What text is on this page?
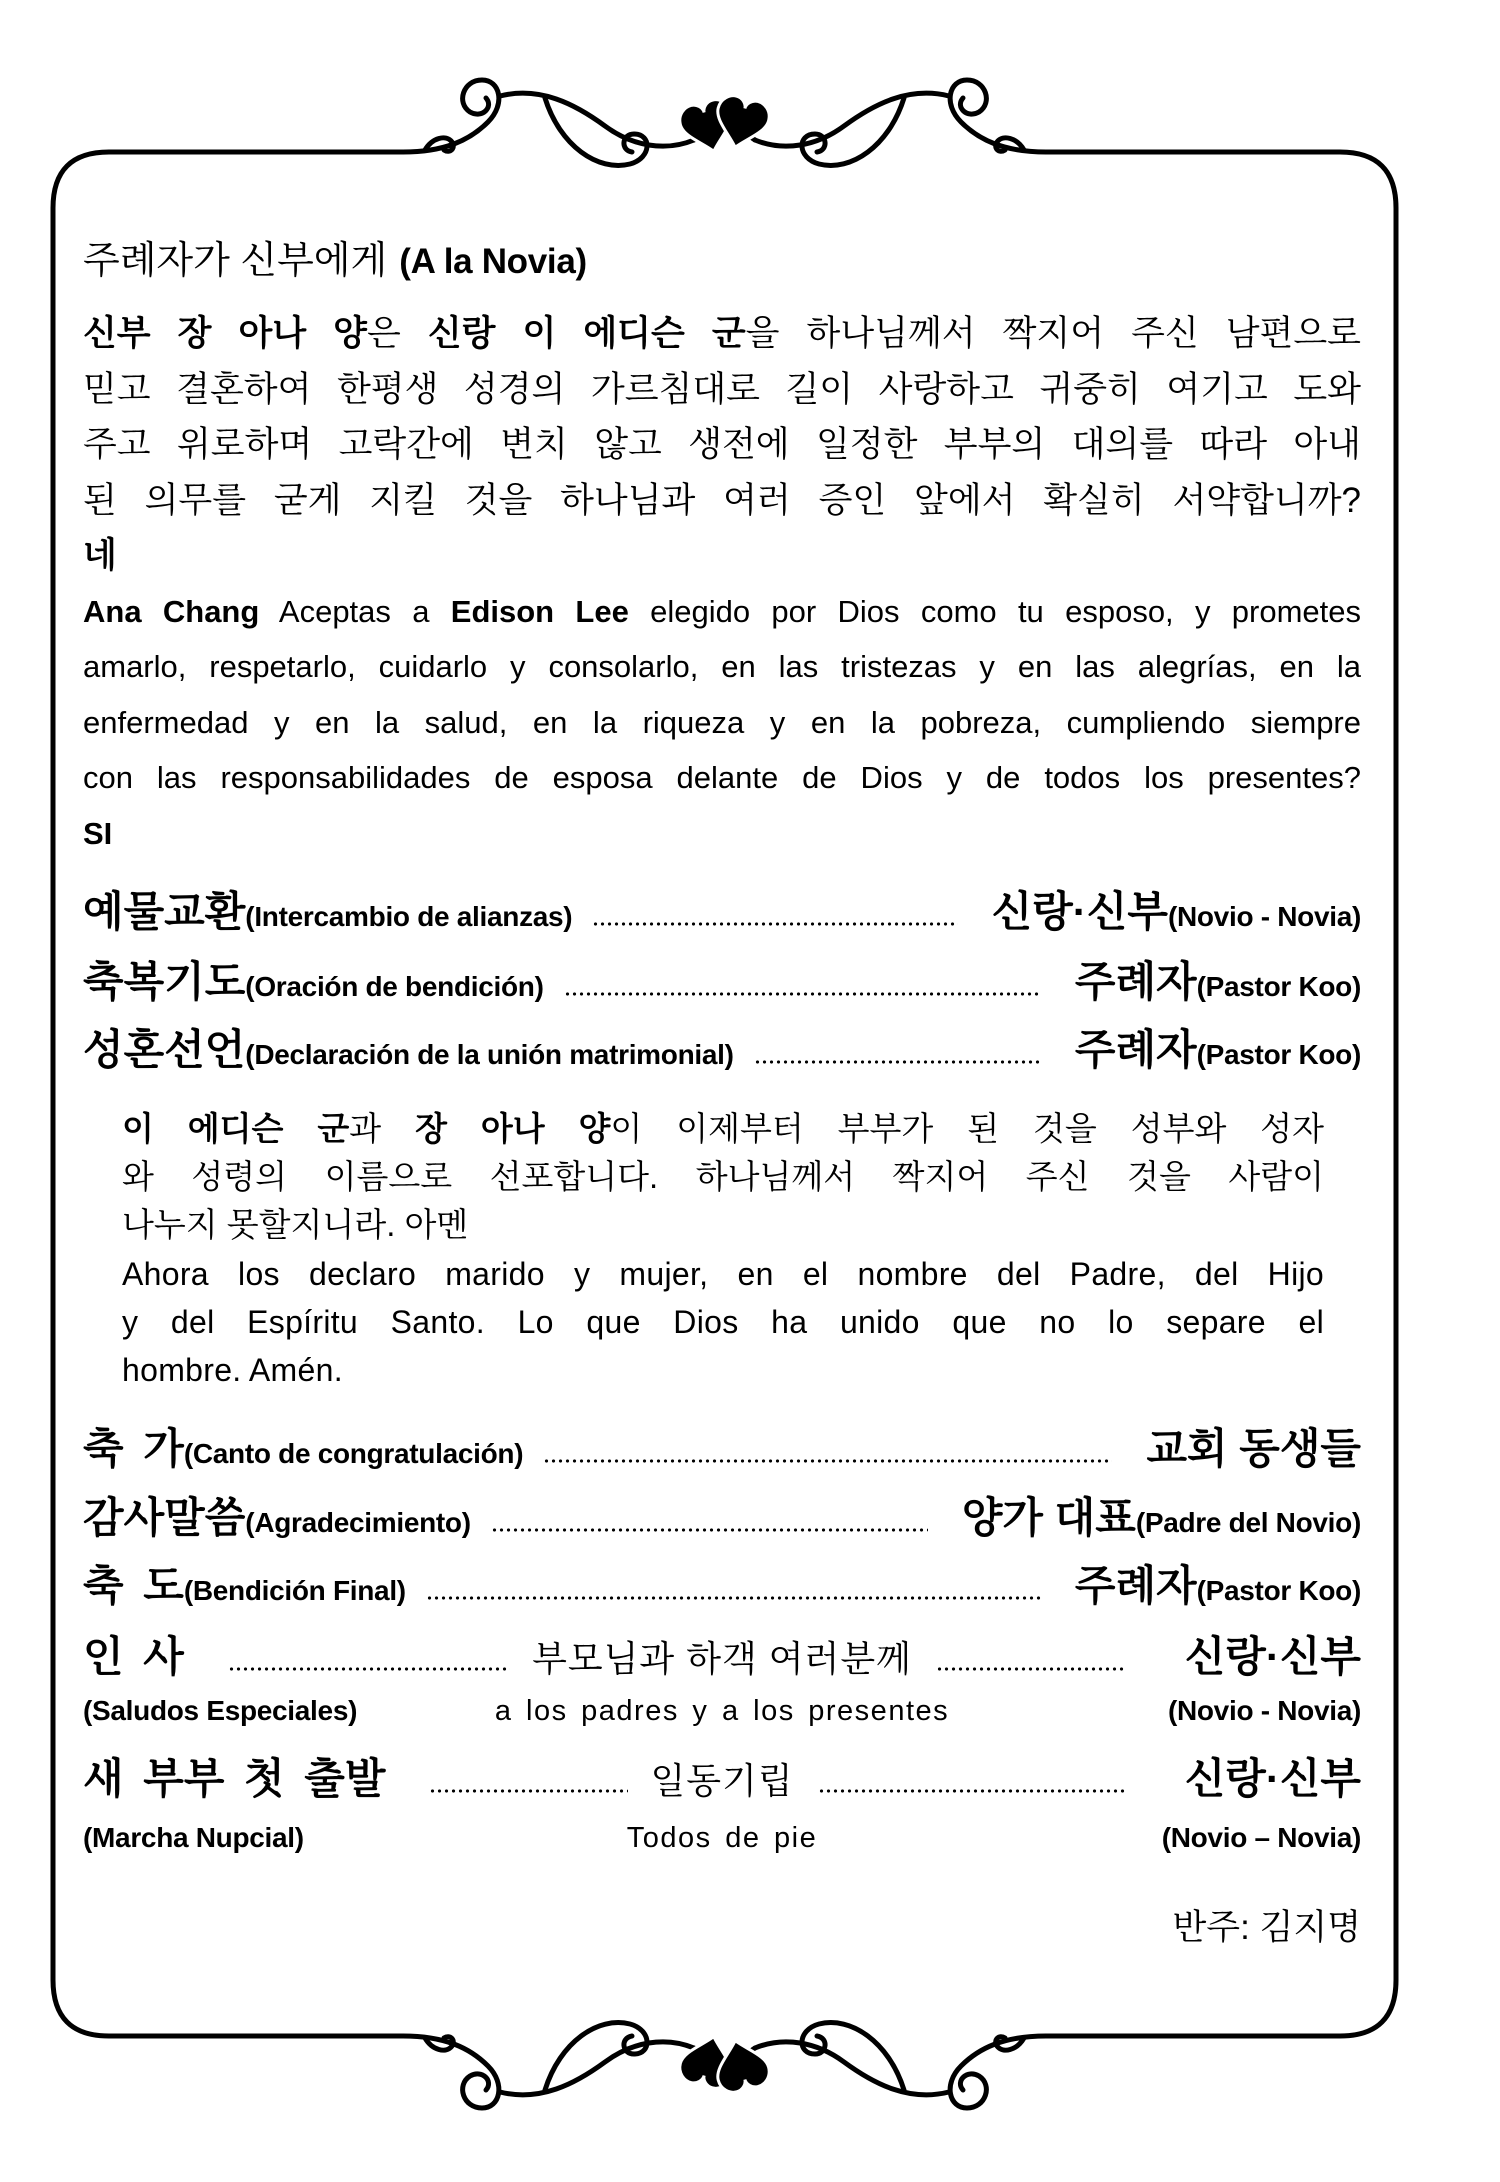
주례자가 신부에게 (A la Novia)
신부 장 아나 양은 신랑 이 에디슨 군을 하나님께서 짝지어 주신 남편으로
믿고 결혼하여 한평생 성경의 가르침대로 길이 사랑하고 귀중히 여기고 도와
주고 위로하며 고락간에 변치 않고 생전에 일정한 부부의 대의를 따라 아내
된 의무를 굳게 지킬 것을 하나님과 여러 증인 앞에서 확실히 서약합니까?
네
Ana Chang Aceptas a Edison Lee elegido por Dios como tu esposo, y prometes
amarlo, respetarlo, cuidarlo y consolarlo, en las tristezas y en las alegrías, en la
enfermedad y en la salud, en la riqueza y en la pobreza, cumpliendo siempre
con las responsabilidades de esposa delante de Dios y de todos los presentes?
SI
예물교환(Intercambio de alianzas)	신랑·신부(Novio - Novia)
축복기도(Oración de bendición)	주례자(Pastor Koo)
성혼선언(Declaración de la unión matrimonial)	주례자(Pastor Koo)
이 에디슨 군과 장 아나 양이 이제부터 부부가 된 것을 성부와 성자
와 성령의 이름으로 선포합니다. 하나님께서 짝지어 주신 것을 사람이
나누지 못할지니라. 아멘
Ahora los declaro marido y mujer, en el nombre del Padre, del Hijo
y del Espíritu Santo. Lo que Dios ha unido que no lo separe el
hombre. Amén.
축 가(Canto de congratulación)	교회 동생들
감사말씀(Agradecimiento)	양가 대표(Padre del Novio)
축 도(Bendición Final)	주례자(Pastor Koo)
인 사	부모님과 하객 여러분께	신랑·신부
(Saludos Especiales)	a los padres y a los presentes	(Novio - Novia)
새 부부 첫 출발	일동기립	신랑·신부
(Marcha Nupcial)	Todos de pie	(Novio – Novia)
반주: 김지명
